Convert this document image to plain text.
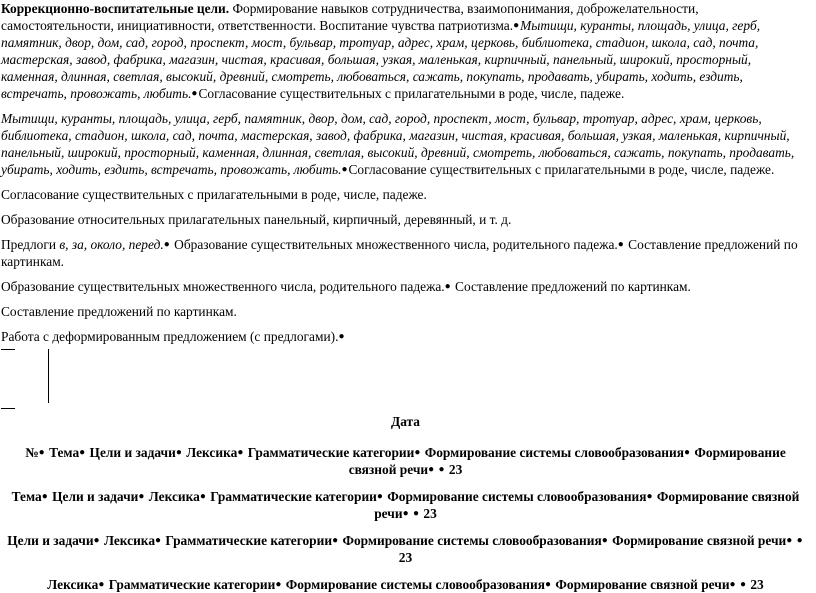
Коррекционно-воспитательные цели. Формирование навыков сотрудничества, взаимопонимания, доброжелательности, самостоятельности, инициативности, ответственности. Воспитание чувства патриотизма.●Мытищи, куранты, площадь, улица, герб, памятник, двор, дом, сад, город, проспект, мост, бульвар, тротуар, адрес, храм, церковь, библиотека, стадион, школа, сад, почта, мастерская, завод, фабрика, магазин, чистая, красивая, большая, узкая, маленькая, кирпичный, панельный, широкий, просторный, каменная, длинная, светлая, высокий, древний, смотреть, любоваться, сажать, покупать, продавать, убирать, ходить, ездить, встречать, провожать, любить.●Согласование существительных с прилагательными в роде, числе, падеже.

Мытищи, куранты, площадь, улица, герб, памятник, двор, дом, сад, город, проспект, мост, бульвар, тротуар, адрес, храм, церковь, библиотека, стадион, школа, сад, почта, мастерская, завод, фабрика, магазин, чистая, красивая, большая, узкая, маленькая, кирпичный, панельный, широкий, просторный, каменная, длинная, светлая, высокий, древний, смотреть, любоваться, сажать, покупать, продавать, убирать, ходить, ездить, встречать, провожать, любить.●Согласование существительных с прилагательными в роде, числе, падеже.

Согласование существительных с прилагательными в роде, числе, падеже.

Образование относительных прилагательных панельный, кирпичный, деревянный, и т. д.

Предлоги в, за, около, перед.● Образование существительных множественного числа, родительного падежа.● Составление предложений по картинкам.

Образование существительных множественного числа, родительного падежа.● Составление предложений по картинкам.

Составление предложений по картинкам.

Работа с деформированным предложением (с предлогами).●

Дата

№● Тема● Цели и задачи● Лексика● Грамматические категории● Формирование системы словообразования● Формирование связной речи● ● 23

Тема● Цели и задачи● Лексика● Грамматические категории● Формирование системы словообразования● Формирование связной речи● ● 23

Цели и задачи● Лексика● Грамматические категории● Формирование системы словообразования● Формирование связной речи● ● 23

Лексика● Грамматические категории● Формирование системы словообразования● Формирование связной речи● ● 23
